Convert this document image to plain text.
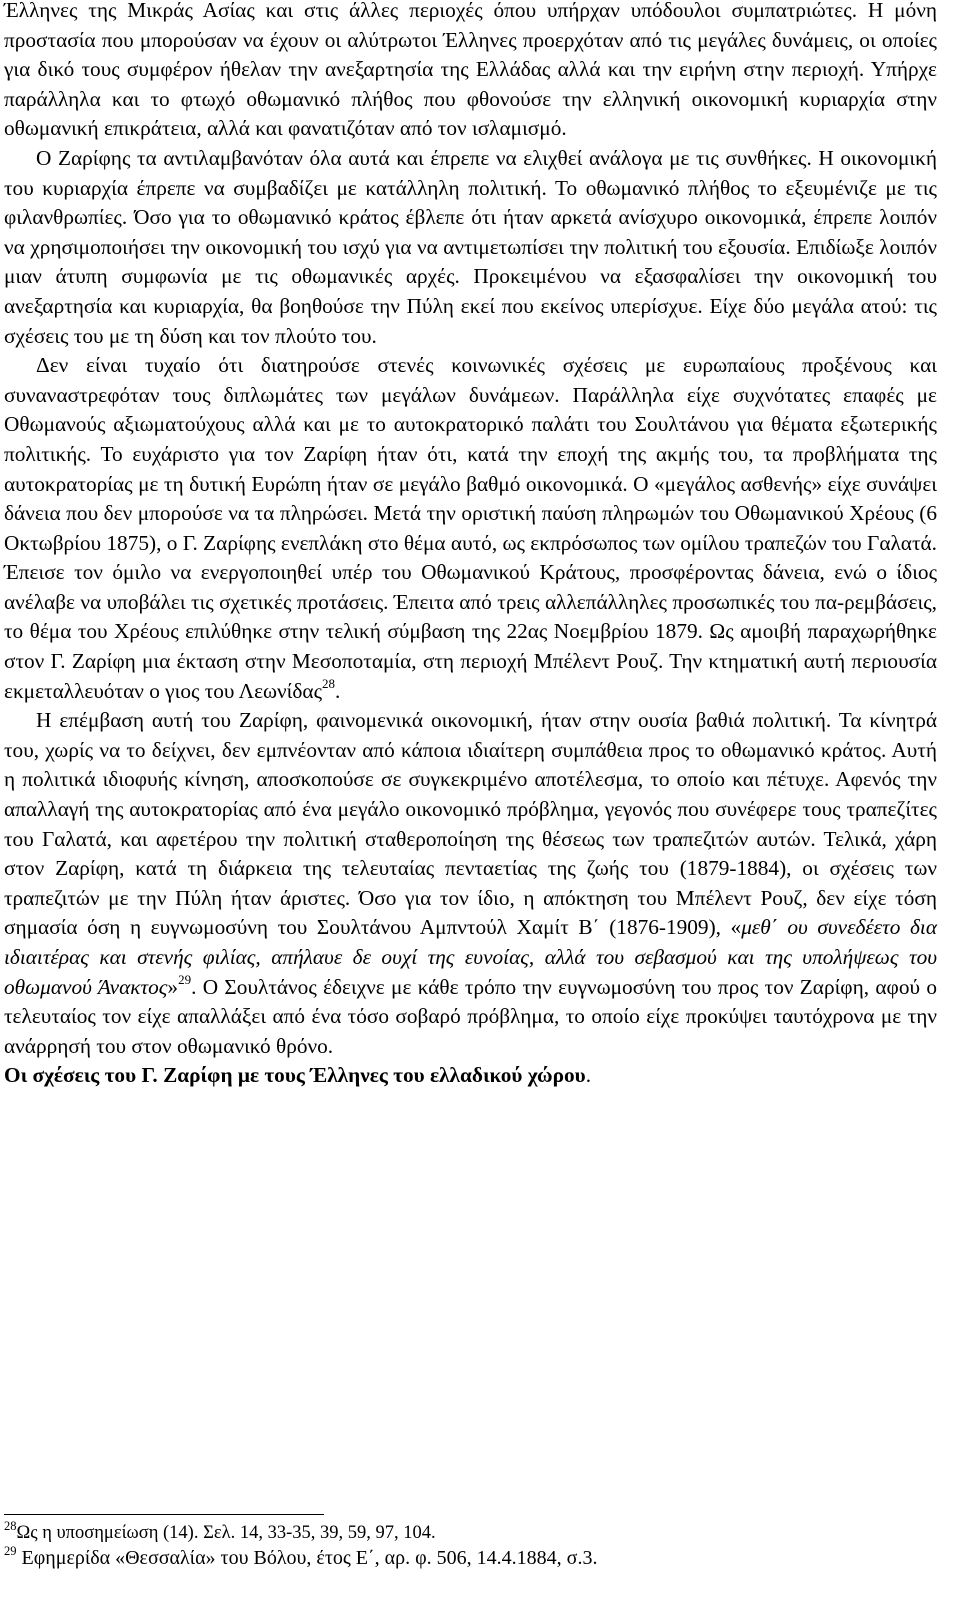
Έλληνες της Μικράς Ασίας και στις άλλες περιοχές όπου υπήρχαν υπόδουλοι συμπατριώτες. Η μόνη προστασία που μπορούσαν να έχουν οι αλύτρωτοι Έλληνες προερχόταν από τις μεγάλες δυνάμεις, οι οποίες για δικό τους συμφέρον ήθελαν την ανεξαρτησία της Ελλάδας αλλά και την ειρήνη στην περιοχή. Υπήρχε παράλληλα και το φτωχό οθωμανικό πλήθος που φθονούσε την ελληνική οικονομική κυριαρχία στην οθωμανική επικράτεια, αλλά και φανατιζόταν από τον ισλαμισμό.

Ο Ζαρίφης τα αντιλαμβανόταν όλα αυτά και έπρεπε να ελιχθεί ανάλογα με τις συνθήκες. Η οικονομική του κυριαρχία έπρεπε να συμβαδίζει με κατάλληλη πολιτική. Το οθωμανικό πλήθος το εξευμένιζε με τις φιλανθρωπίες. Όσο για το οθωμανικό κράτος έβλεπε ότι ήταν αρκετά ανίσχυρο οικονομικά, έπρεπε λοιπόν να χρησιμοποιήσει την οικονομική του ισχύ για να αντιμετωπίσει την πολιτική του εξουσία. Επιδίωξε λοιπόν μιαν άτυπη συμφωνία με τις οθωμανικές αρχές. Προκειμένου να εξασφαλίσει την οικονομική του ανεξαρτησία και κυριαρχία, θα βοηθούσε την Πύλη εκεί που εκείνος υπερίσχυε. Είχε δύο μεγάλα ατού: τις σχέσεις του με τη δύση και τον πλούτο του.

Δεν είναι τυχαίο ότι διατηρούσε στενές κοινωνικές σχέσεις με ευρωπαίους προξένους και συναναστρεφόταν τους διπλωμάτες των μεγάλων δυνάμεων. Παράλληλα είχε συχνότατες επαφές με Οθωμανούς αξιωματούχους αλλά και με το αυτοκρατορικό παλάτι του Σουλτάνου για θέματα εξωτερικής πολιτικής. Το ευχάριστο για τον Ζαρίφη ήταν ότι, κατά την εποχή της ακμής του, τα προβλήματα της αυτοκρατορίας με τη δυτική Ευρώπη ήταν σε μεγάλο βαθμό οικονομικά. Ο «μεγάλος ασθενής» είχε συνάψει δάνεια που δεν μπορούσε να τα πληρώσει. Μετά την οριστική παύση πληρωμών του Οθωμανικού Χρέους (6 Οκτωβρίου 1875), ο Γ. Ζαρίφης ενεπλάκη στο θέμα αυτό, ως εκπρόσωπος των ομίλου τραπεζών του Γαλατά. Έπεισε τον όμιλο να ενεργοποιηθεί υπέρ του Οθωμανικού Κράτους, προσφέροντας δάνεια, ενώ ο ίδιος ανέλαβε να υποβάλει τις σχετικές προτάσεις. Έπειτα από τρεις αλλεπάλληλες προσωπικές του πα-ρεμβάσεις, το θέμα του Χρέους επιλύθηκε στην τελική σύμβαση της 22ας Νοεμβρίου 1879. Ως αμοιβή παραχωρήθηκε στον Γ. Ζαρίφη μια έκταση στην Μεσοποταμία, στη περιοχή Μπέλεντ Ρουζ. Την κτηματική αυτή περιουσία εκμεταλλευόταν ο γιος του Λεωνίδας$^{28}$.

Η επέμβαση αυτή του Ζαρίφη, φαινομενικά οικονομική, ήταν στην ουσία βαθιά πολιτική. Τα κίνητρά του, χωρίς να το δείχνει, δεν εμπνέονταν από κάποια ιδιαίτερη συμπάθεια προς το οθωμανικό κράτος. Αυτή η πολιτικά ιδιοφυής κίνηση, αποσκοπούσε σε συγκεκριμένο αποτέλεσμα, το οποίο και πέτυχε. Αφενός την απαλλαγή της αυτοκρατορίας από ένα μεγάλο οικονομικό πρόβλημα, γεγονός που συνέφερε τους τραπεζίτες του Γαλατά, και αφετέρου την πολιτική σταθεροποίηση της θέσεως των τραπεζιτών αυτών. Τελικά, χάρη στον Ζαρίφη, κατά τη διάρκεια της τελευταίας πενταετίας της ζωής του (1879-1884), οι σχέσεις των τραπεζιτών με την Πύλη ήταν άριστες. Όσο για τον ίδιο, η απόκτηση του Μπέλεντ Ρουζ, δεν είχε τόση σημασία όση η ευγνωμοσύνη του Σουλτάνου Αμπντούλ Χαμίτ Β΄ (1876-1909), «μεθ΄ ου συνεδέετο δια ιδιαιτέρας και στενής φιλίας, απήλαυε δε ουχί της ευνοίας, αλλά του σεβασμού και της υπολήψεως του οθωμανού Άνακτος»$^{29}$. Ο Σουλτάνος έδειχνε με κάθε τρόπο την ευγνωμοσύνη του προς τον Ζαρίφη, αφού ο τελευταίος τον είχε απαλλάξει από ένα τόσο σοβαρό πρόβλημα, το οποίο είχε προκύψει ταυτόχρονα με την ανάρρησή του στον οθωμανικό θρόνο.

Οι σχέσεις του Γ. Ζαρίφη με τους Έλληνες του ελλαδικού χώρου.

$^{28}$Ως η υποσημείωση (14). Σελ. 14, 33-35, 39, 59, 97, 104.

$^{29}$ Εφημερίδα «Θεσσαλία» του Βόλου, έτος Ε΄, αρ. φ. 506, 14.4.1884, σ.3.
